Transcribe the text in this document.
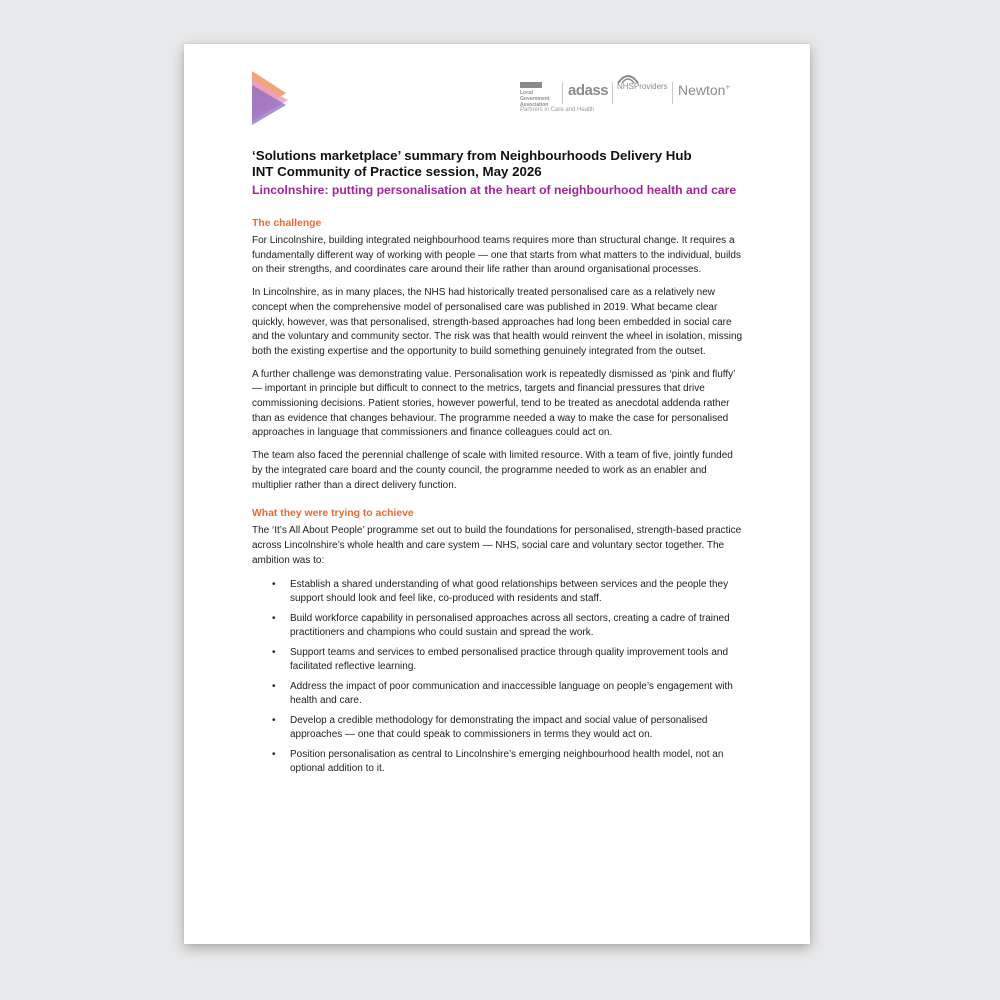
Local Government Association
adass NHSProviders Newton+
Partners in Care and Health
‘Solutions marketplace’ summary from Neighbourhoods Delivery Hub
INT Community of Practice session, May 2026
Lincolnshire: putting personalisation at the heart of neighbourhood health and care
The challenge

For Lincolnshire, building integrated neighbourhood teams requires more than structural change. It requires a fundamentally different way of working with people — one that starts from what matters to the individual, builds on their strengths, and coordinates care around their life rather than around organisational processes.

In Lincolnshire, as in many places, the NHS had historically treated personalised care as a relatively new concept when the comprehensive model of personalised care was published in 2019. What became clear quickly, however, was that personalised, strength-based approaches had long been embedded in social care and the voluntary and community sector. The risk was that health would reinvent the wheel in isolation, missing both the existing expertise and the opportunity to build something genuinely integrated from the outset.

A further challenge was demonstrating value. Personalisation work is repeatedly dismissed as ‘pink and fluffy’ — important in principle but difficult to connect to the metrics, targets and financial pressures that drive commissioning decisions. Patient stories, however powerful, tend to be treated as anecdotal addenda rather than as evidence that changes behaviour. The programme needed a way to make the case for personalised approaches in language that commissioners and finance colleagues could act on.

The team also faced the perennial challenge of scale with limited resource. With a team of five, jointly funded by the integrated care board and the county council, the programme needed to work as an enabler and multiplier rather than a direct delivery function.

What they were trying to achieve

The ‘It’s All About People’ programme set out to build the foundations for personalised, strength-based practice across Lincolnshire’s whole health and care system — NHS, social care and voluntary sector together. The ambition was to:

• Establish a shared understanding of what good relationships between services and the people they support should look and feel like, co-produced with residents and staff.
• Build workforce capability in personalised approaches across all sectors, creating a cadre of trained practitioners and champions who could sustain and spread the work.
• Support teams and services to embed personalised practice through quality improvement tools and facilitated reflective learning.
• Address the impact of poor communication and inaccessible language on people’s engagement with health and care.
• Develop a credible methodology for demonstrating the impact and social value of personalised approaches — one that could speak to commissioners in terms they would act on.
• Position personalisation as central to Lincolnshire’s emerging neighbourhood health model, not an optional addition to it.
